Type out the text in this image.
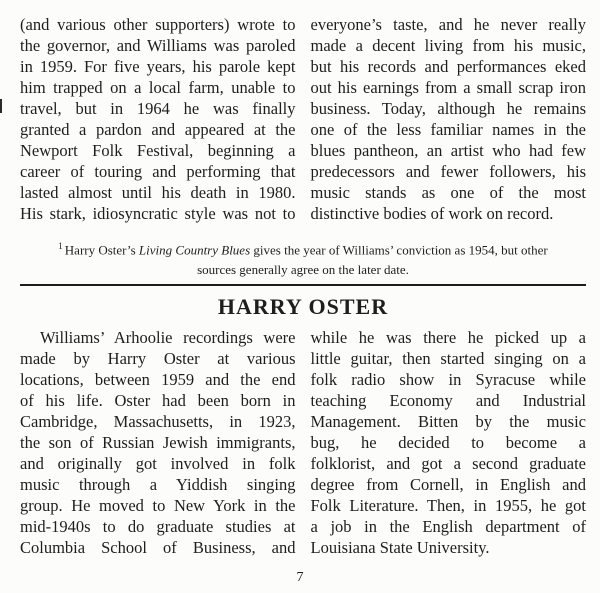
(and various other supporters) wrote to
the governor, and Williams was paroled
in 1959. For five years, his parole kept
him trapped on a local farm, unable to
travel, but in 1964 he was finally
granted a pardon and appeared at the
Newport Folk Festival, beginning a
career of touring and performing that
lasted almost until his death in 1980.
His stark, idiosyncratic style was not to
everyone’s taste, and he never really
made a decent living from his music,
but his records and performances eked
out his earnings from a small scrap iron
business. Today, although he remains
one of the less familiar names in the
blues pantheon, an artist who had few
predecessors and fewer followers, his
music stands as one of the most
distinctive bodies of work on record.
$^1$ Harry Oster’s Living Country Blues gives the year of Williams’ conviction as 1954, but other
sources generally agree on the later date.
HARRY OSTER
Williams’ Arhoolie recordings were
made by Harry Oster at various
locations, between 1959 and the end
of his life. Oster had been born in
Cambridge, Massachusetts, in 1923,
the son of Russian Jewish immigrants,
and originally got involved in folk
music through a Yiddish singing
group. He moved to New York in the
mid-1940s to do graduate studies at
Columbia School of Business, and
while he was there he picked up a
little guitar, then started singing on a
folk radio show in Syracuse while
teaching Economy and Industrial
Management. Bitten by the music
bug, he decided to become a
folklorist, and got a second graduate
degree from Cornell, in English and
Folk Literature. Then, in 1955, he got
a job in the English department of
Louisiana State University.
7
